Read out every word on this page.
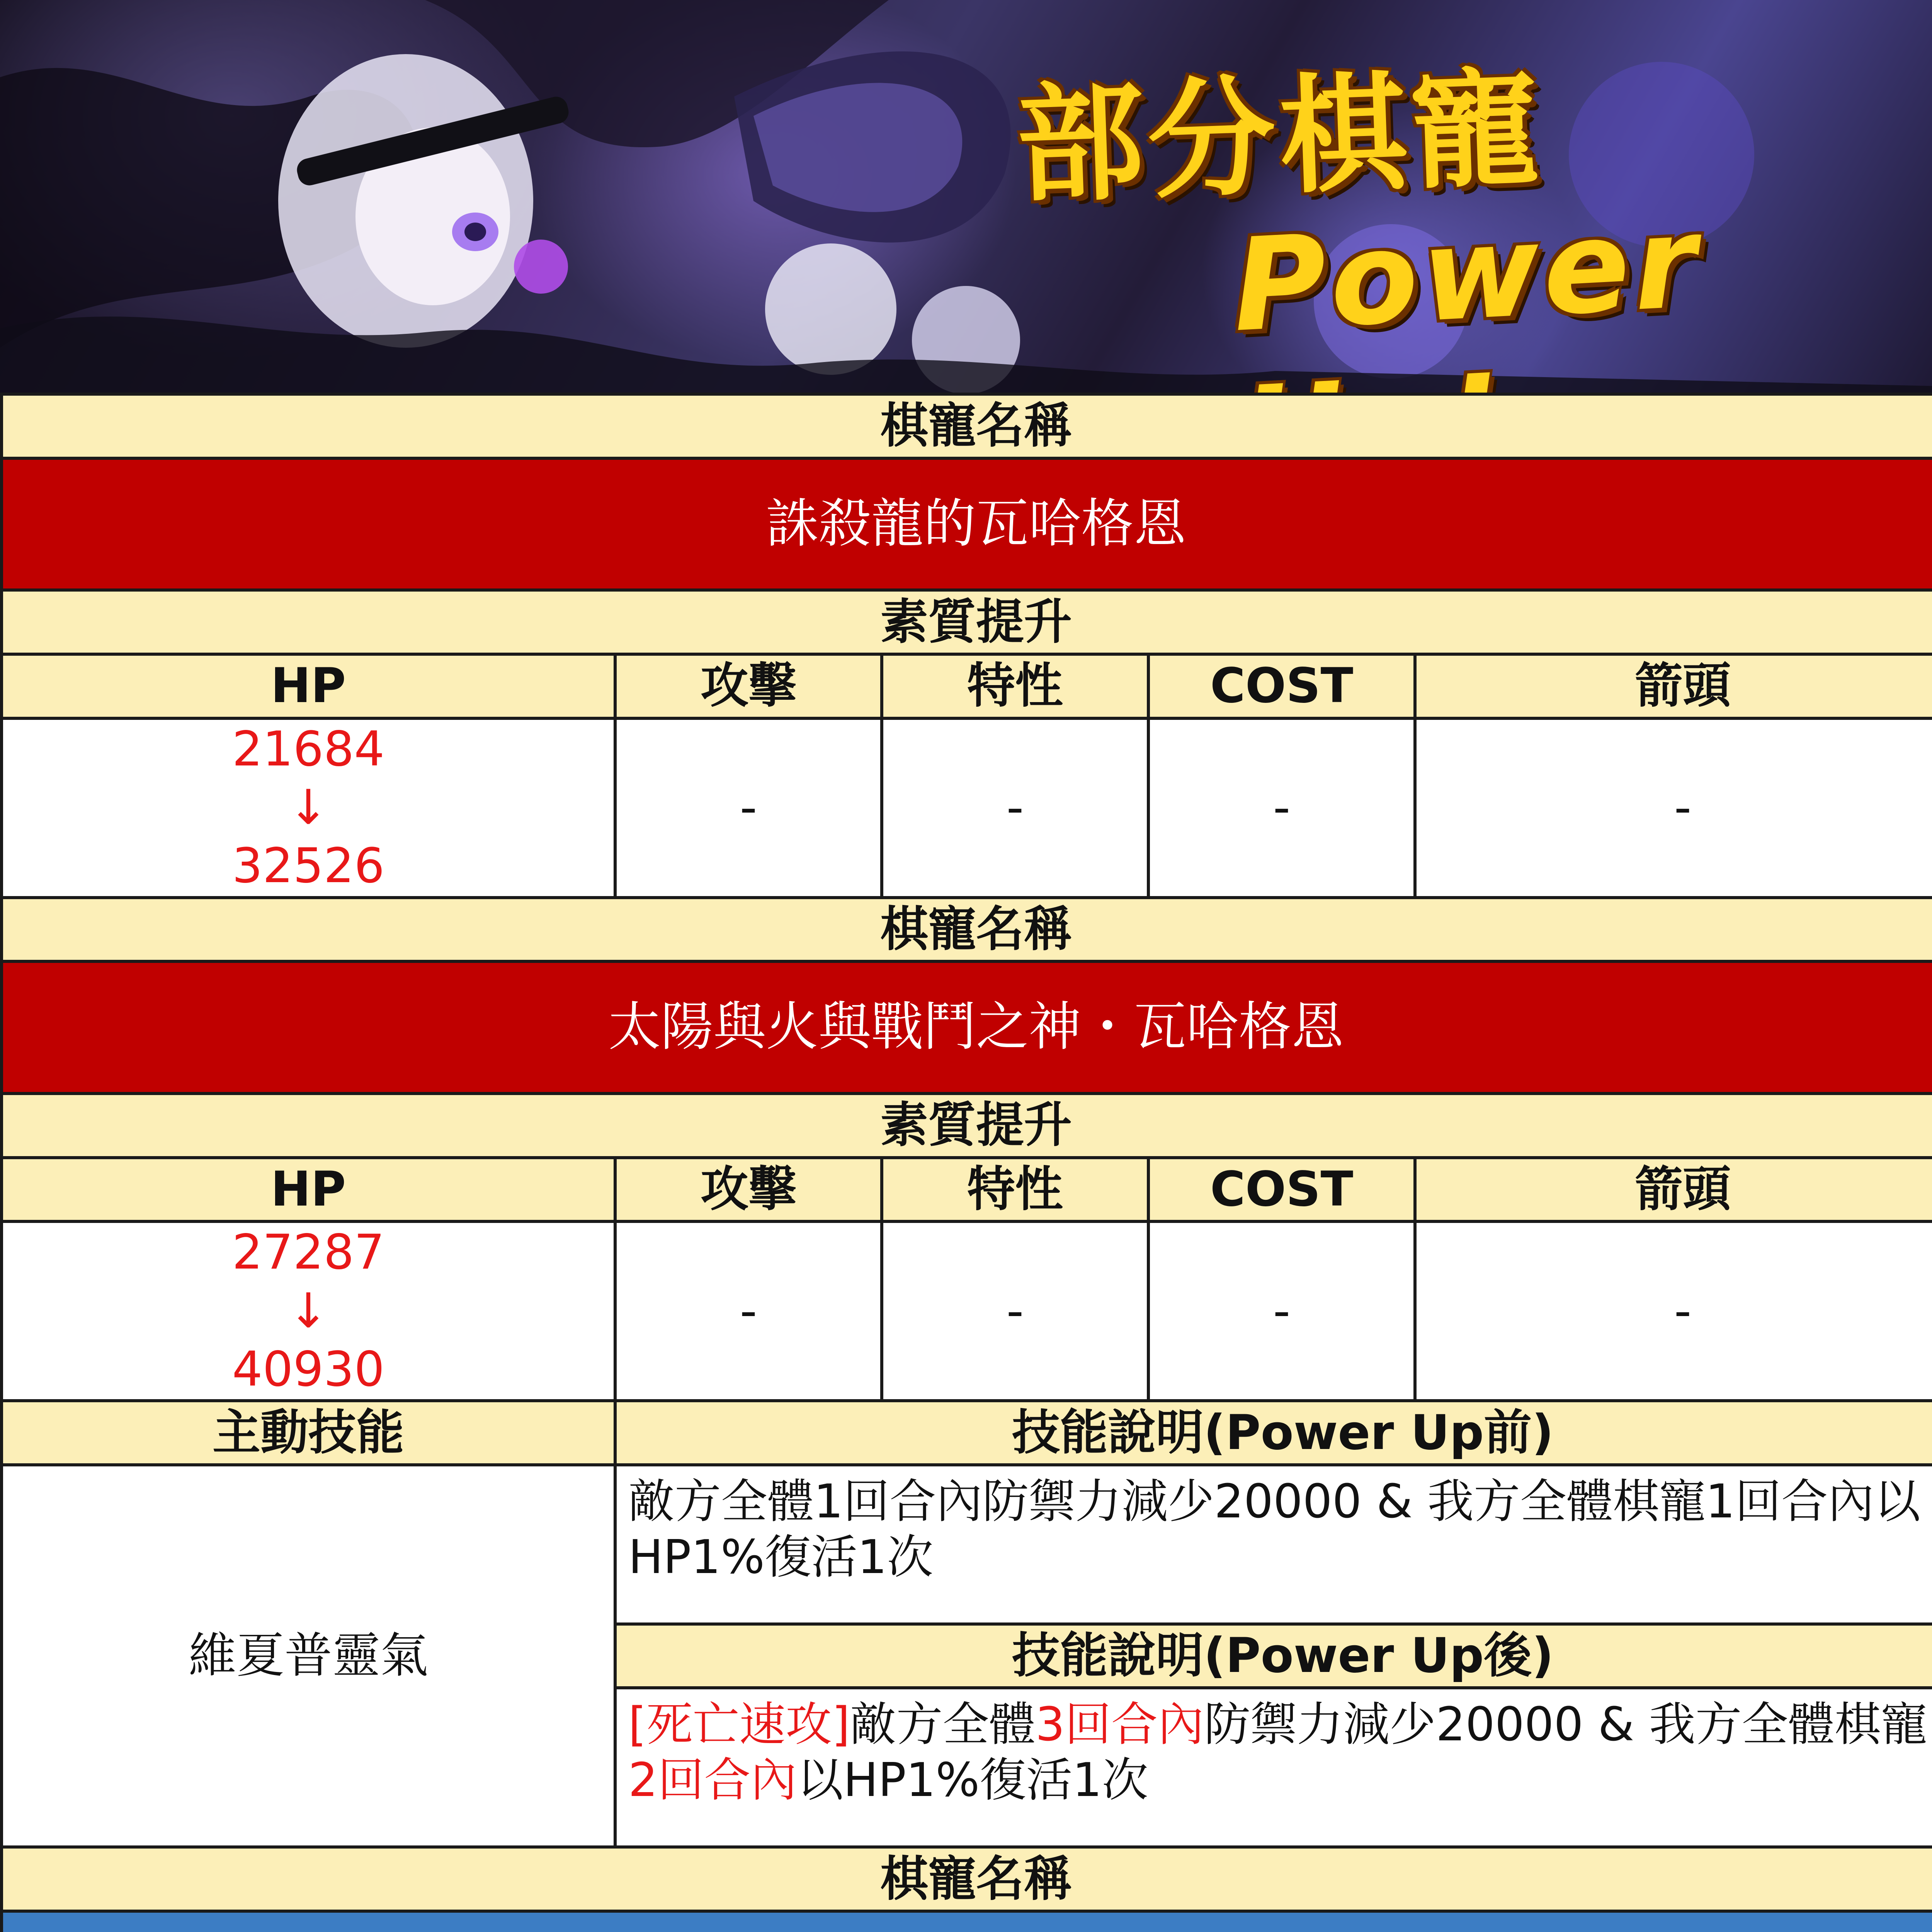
部分棋寵
Power
棋寵名稱				
誅殺龍的瓦哈格恩				
素質提升				
HP	攻擊	特性	COST	箭頭

21684
↓
32526	-	-	-	-
棋寵名稱				
太陽與火與戰鬥之神・瓦哈格恩				
素質提升				
HP	攻擊	特性	COST	箭頭

27287
↓
40930	-	-	-	-
主動技能	技能說明(Power Up前)			
維夏普靈氣	敵方全體1回合內防禦力減少20000 & 我方全體棋寵1回合內以HP1%復活1次			
	技能說明(Power Up後)			
	[死亡速攻]敵方全體3回合內防禦力減少20000 & 我方全體棋寵2回合內以HP1%復活1次			
棋寵名稱				
